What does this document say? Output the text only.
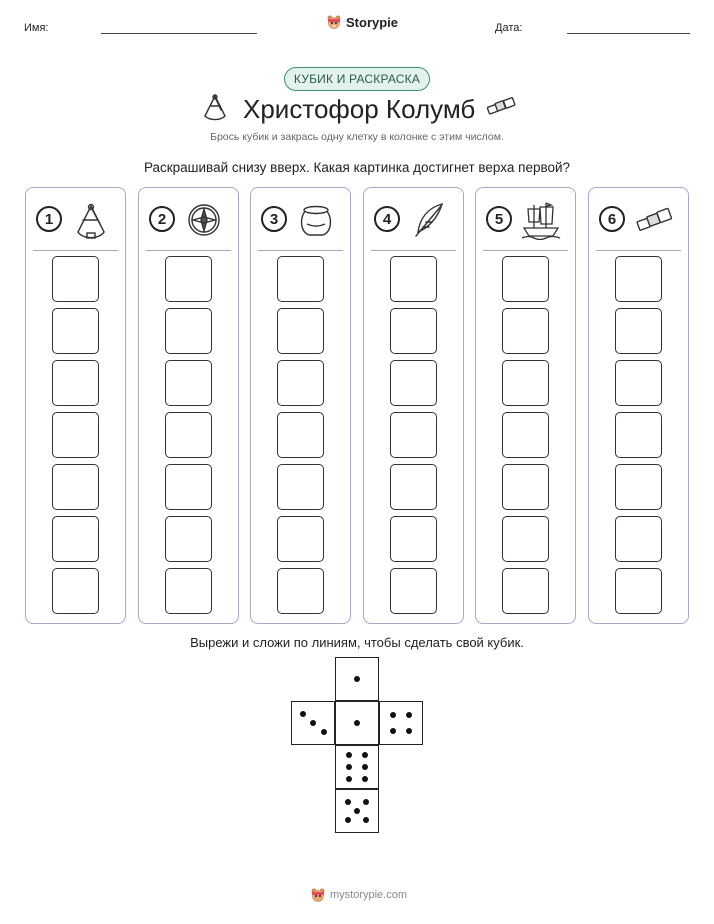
Имя:	Storypie	Дата:
КУБИК И РАСКРАСКА
Христофор Колумб
Брось кубик и закрась одну клетку в колонке с этим числом.
Раскрашивай снизу вверх. Какая картинка достигнет верха первой?
1	2	3	4	5	6
Вырежи и сложи по линиям, чтобы сделать свой кубик.
mystorypie.com
